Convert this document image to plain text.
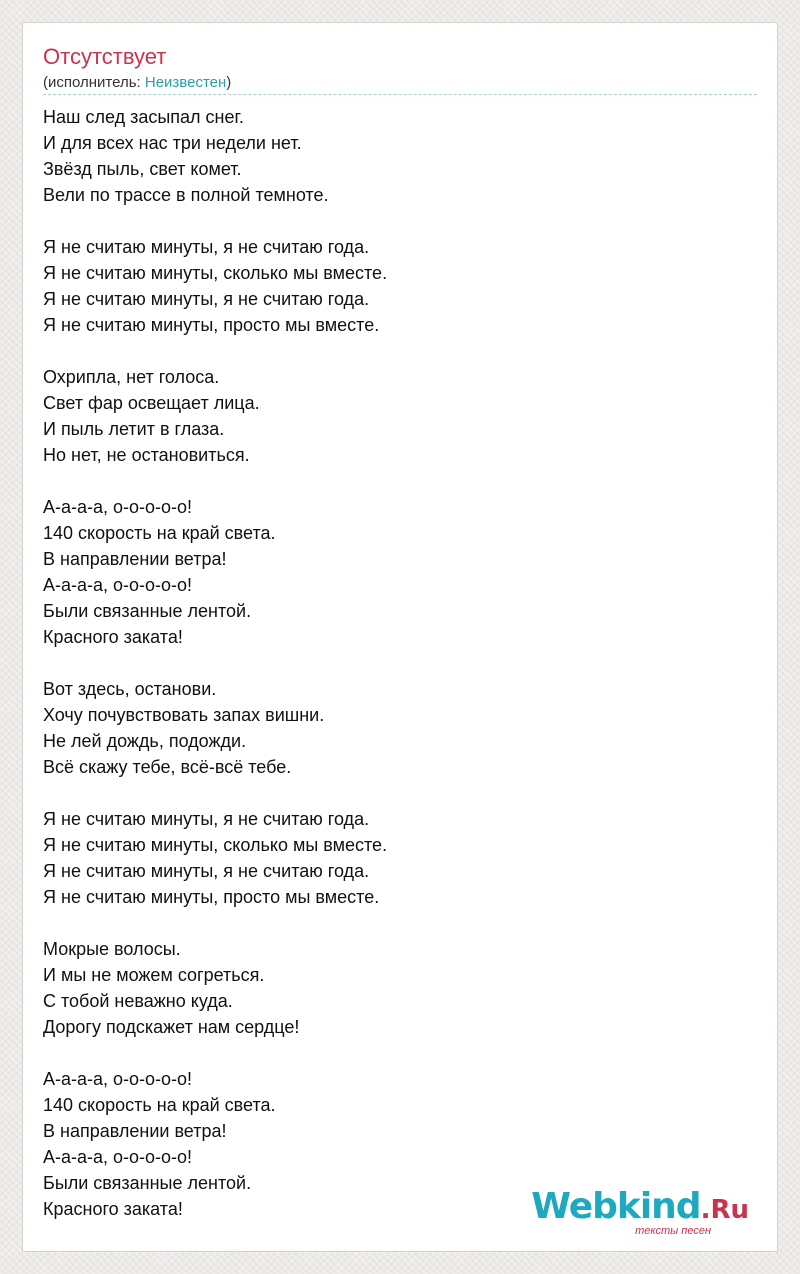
Отсутствует
(исполнитель: Неизвестен)
Наш след засыпал снег.
И для всех нас три недели нет.
Звёзд пыль, свет комет.
Вели по трассе в полной темноте.
Я не считаю минуты, я не считаю года.
Я не считаю минуты, сколько мы вместе.
Я не считаю минуты, я не считаю года.
Я не считаю минуты, просто мы вместе.
Охрипла, нет голоса.
Свет фар освещает лица.
И пыль летит в глаза.
Но нет, не остановиться.
А-а-а-а, о-о-о-о-о!
140 скорость на край света.
В направлении ветра!
А-а-а-а, о-о-о-о-о!
Были связанные лентой.
Красного заката!
Вот здесь, останови.
Хочу почувствовать запах вишни.
Не лей дождь, подожди.
Всё скажу тебе, всё-всё тебе.
Я не считаю минуты, я не считаю года.
Я не считаю минуты, сколько мы вместе.
Я не считаю минуты, я не считаю года.
Я не считаю минуты, просто мы вместе.
Мокрые волосы.
И мы не можем согреться.
С тобой неважно куда.
Дорогу подскажет нам сердце!
А-а-а-а, о-о-о-о-о!
140 скорость на край света.
В направлении ветра!
А-а-а-а, о-о-о-о-о!
Были связанные лентой.
Красного заката!	Webkind.Ru
тексты песен
